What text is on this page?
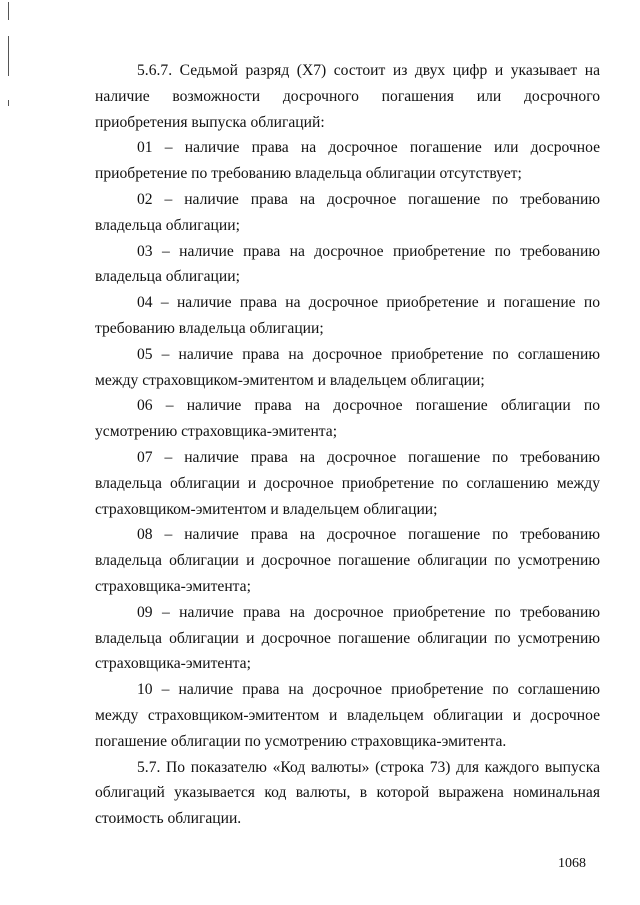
5.6.7. Седьмой разряд (X7) состоит из двух цифр и указывает на наличие возможности досрочного погашения или досрочного приобретения выпуска облигаций:

01 – наличие права на досрочное погашение или досрочное приобретение по требованию владельца облигации отсутствует;

02 – наличие права на досрочное погашение по требованию владельца облигации;

03 – наличие права на досрочное приобретение по требованию владельца облигации;

04 – наличие права на досрочное приобретение и погашение по требованию владельца облигации;

05 – наличие права на досрочное приобретение по соглашению между страховщиком-эмитентом и владельцем облигации;

06 – наличие права на досрочное погашение облигации по усмотрению страховщика-эмитента;

07 – наличие права на досрочное погашение по требованию владельца облигации и досрочное приобретение по соглашению между страховщиком-эмитентом и владельцем облигации;

08 – наличие права на досрочное погашение по требованию владельца облигации и досрочное погашение облигации по усмотрению страховщика-эмитента;

09 – наличие права на досрочное приобретение по требованию владельца облигации и досрочное погашение облигации по усмотрению страховщика-эмитента;

10 – наличие права на досрочное приобретение по соглашению между страховщиком-эмитентом и владельцем облигации и досрочное погашение облигации по усмотрению страховщика-эмитента.

5.7. По показателю «Код валюты» (строка 73) для каждого выпуска облигаций указывается код валюты, в которой выражена номинальная стоимость облигации.

1068
